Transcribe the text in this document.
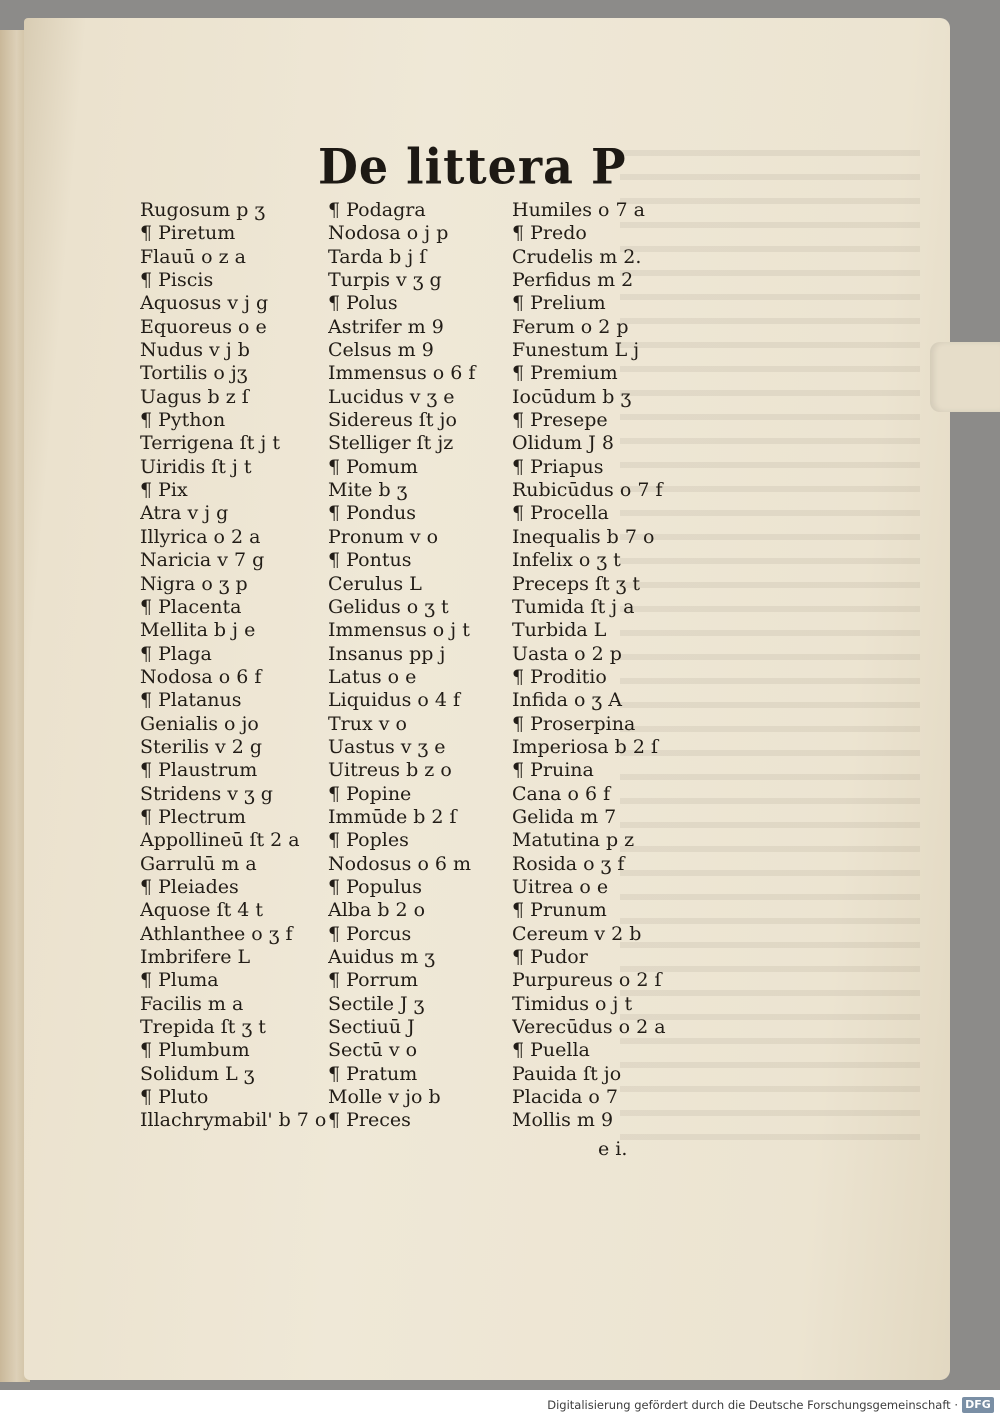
De littera P
Rugosum p ʒ
¶ Piretum
Flauū o z a
¶ Piscis
Aquosus v j g
Equoreus o e
Nudus v j b
Tortilis o jʒ
Uagus b z ſ
¶ Python
Terrigena ſt j t
Uiridis ſt j t
¶ Pix
Atra v j g
Illyrica o 2 a
Naricia v 7 g
Nigra o ʒ p
¶ Placenta
Mellita b j e
¶ Plaga
Nodosa o 6 f
¶ Platanus
Genialis o jo
Sterilis v 2 g
¶ Plaustrum
Stridens v ʒ g
¶ Plectrum
Appollineū ſt 2 a
Garrulū m a
¶ Pleiades
Aquose ſt 4 t
Athlanthee o ʒ f
Imbrifere L
¶ Pluma
Facilis m a
Trepida ſt ʒ t
¶ Plumbum
Solidum L ʒ
¶ Pluto
Illachrymabil' b 7 o
¶ Podagra
Nodosa o j p
Tarda b j ſ
Turpis v ʒ g
¶ Polus
Astrifer m 9
Celsus m 9
Immensus o 6 f
Lucidus v ʒ e
Sidereus ſt jo
Stelliger ſt jz
¶ Pomum
Mite b ʒ
¶ Pondus
Pronum v o
¶ Pontus
Cerulus L
Gelidus o ʒ t
Immensus o j t
Insanus pp j
Latus o e
Liquidus o 4 f
Trux v o
Uastus v ʒ e
Uitreus b z o
¶ Popine
Immūde b 2 ſ
¶ Poples
Nodosus o 6 m
¶ Populus
Alba b 2 o
¶ Porcus
Auidus m ʒ
¶ Porrum
Sectile J ʒ
Sectiuū J
Sectū v o
¶ Pratum
Molle v jo b
¶ Preces
Humiles o 7 a
¶ Predo
Crudelis m 2.
Perfidus m 2
¶ Prelium
Ferum o 2 p
Funestum L j
¶ Premium
Iocūdum b ʒ
¶ Presepe
Olidum J 8
¶ Priapus
Rubicūdus o 7 f
¶ Procella
Inequalis b 7 o
Infelix o ʒ t
Preceps ſt ʒ t
Tumida ſt j a
Turbida L
Uasta o 2 p
¶ Proditio
Infida o ʒ A
¶ Proserpina
Imperiosa b 2 ſ
¶ Pruina
Cana o 6 f
Gelida m 7
Matutina p z
Rosida o ʒ f
Uitrea o e
¶ Prunum
Cereum v 2 b
¶ Pudor
Purpureus o 2 ſ
Timidus o j t
Verecūdus o 2 a
¶ Puella
Pauida ſt jo
Placida o 7
Mollis m 9
e i.
Digitalisierung gefördert durch die Deutsche Forschungsgemeinschaft · DFG
